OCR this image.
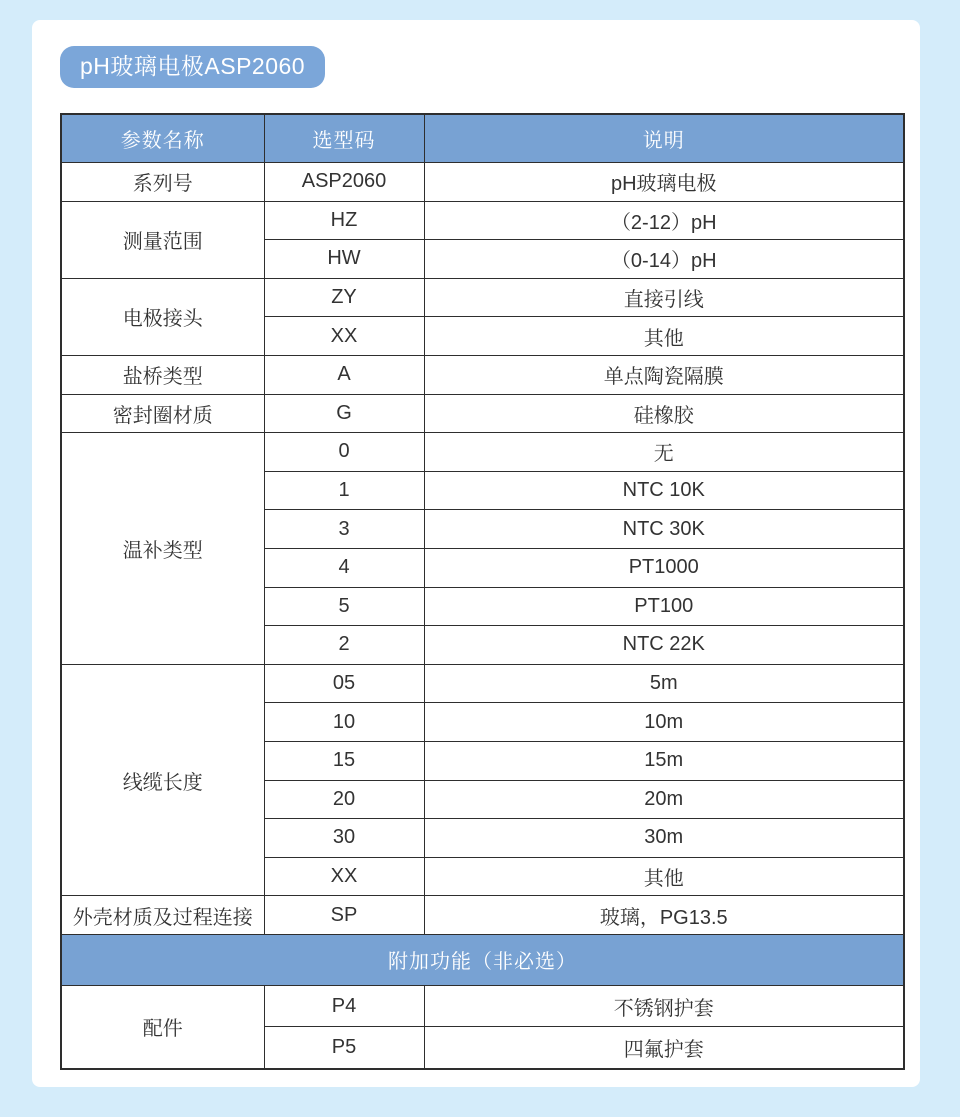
pH玻璃电极ASP2060
参数名称	选型码	说明
系列号	ASP2060	pH玻璃电极
测量范围	HZ	（2-12）pH
	HW	（0-14）pH
电极接头	ZY	直接引线
	XX	其他
盐桥类型	A	单点陶瓷隔膜
密封圈材质	G	硅橡胶
温补类型	0	无
	1	NTC 10K
	3	NTC 30K
	4	PT1000
	5	PT100
	2	NTC 22K
线缆长度	05	5m
	10	10m
	15	15m
	20	20m
	30	30m
	XX	其他
外壳材质及过程连接	SP	玻璃，PG13.5
附加功能（非必选）		
配件	P4	不锈钢护套
	P5	四氟护套
